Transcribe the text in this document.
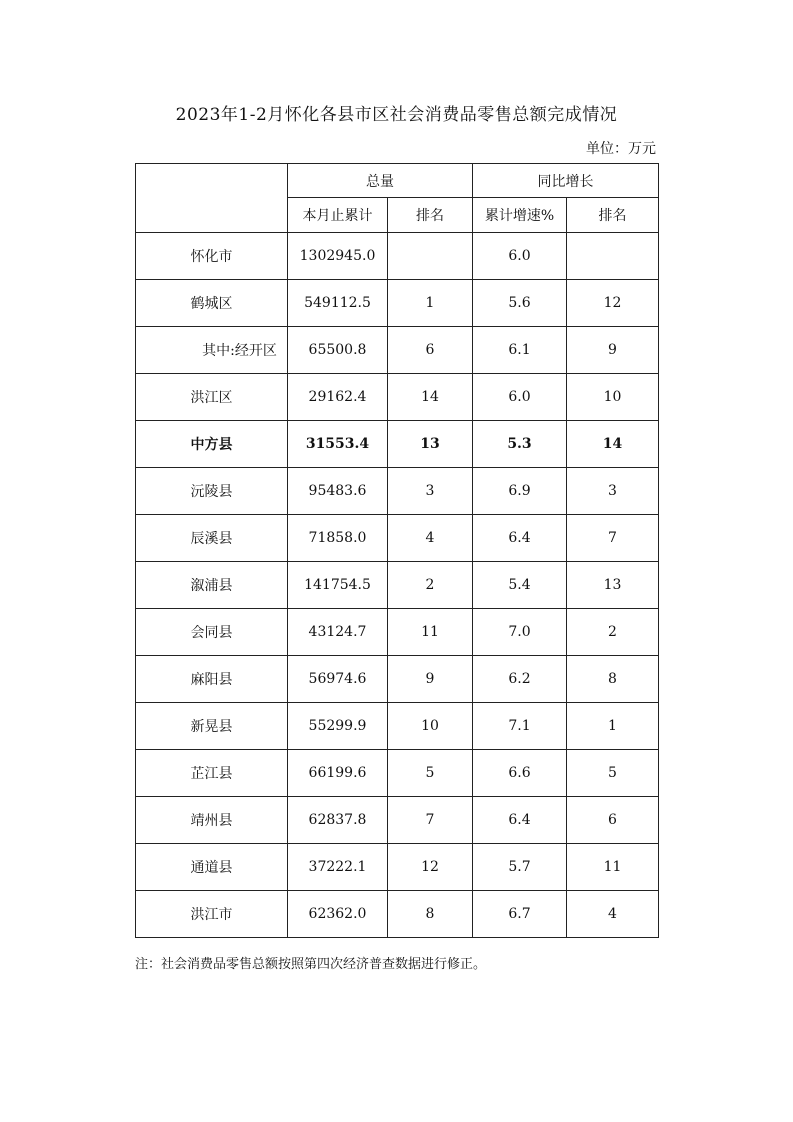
2023年1-2月怀化各县市区社会消费品零售总额完成情况
单位：万元
	总量		同比增长	
	本月止累计	排名	累计增速%	排名
怀化市	1302945.0		6.0	
鹤城区	549112.5	1	5.6	12
其中:经开区	65500.8	6	6.1	9
洪江区	29162.4	14	6.0	10
中方县	31553.4	13	5.3	14
沅陵县	95483.6	3	6.9	3
辰溪县	71858.0	4	6.4	7
溆浦县	141754.5	2	5.4	13
会同县	43124.7	11	7.0	2
麻阳县	56974.6	9	6.2	8
新晃县	55299.9	10	7.1	1
芷江县	66199.6	5	6.6	5
靖州县	62837.8	7	6.4	6
通道县	37222.1	12	5.7	11
洪江市	62362.0	8	6.7	4
注：社会消费品零售总额按照第四次经济普查数据进行修正。
